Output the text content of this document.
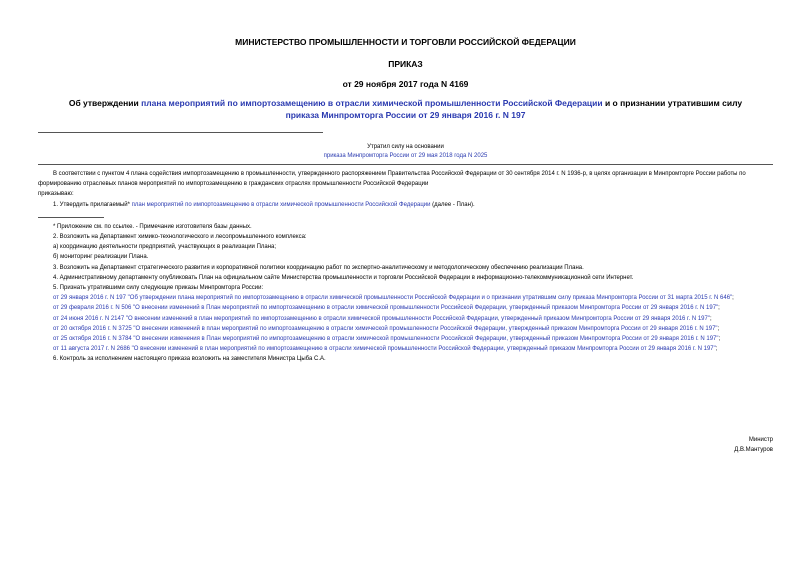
МИНИСТЕРСТВО ПРОМЫШЛЕННОСТИ И ТОРГОВЛИ РОССИЙСКОЙ ФЕДЕРАЦИИ
ПРИКАЗ
от 29 ноября 2017 года N 4169
Об утверждении плана мероприятий по импортозамещению в отрасли химической промышленности Российской Федерации и о признании утратившим силу
приказа Минпромторга России от 29 января 2016 г. N 197
Утратил силу на основании
приказа Минпромторга России от 29 мая 2018 года N 2025

В соответствии с пунктом 4 плана содействия импортозамещению в промышленности, утвержденного распоряжением Правительства Российской Федерации от 30 сентября 2014 г. N 1936-р, в целях организации в Минпромторге России работы по формированию отраслевых планов мероприятий по импортозамещению в гражданских отраслях промышленности Российской Федерации

приказываю:

1. Утвердить прилагаемый* план мероприятий по импортозамещению в отрасли химической промышленности Российской Федерации (далее - План).

* Приложение см. по ссылке. - Примечание изготовителя базы данных.

2. Возложить на Департамент химико-технологического и лесопромышленного комплекса:

а) координацию деятельности предприятий, участвующих в реализации Плана;

б) мониторинг реализации Плана.

3. Возложить на Департамент стратегического развития и корпоративной политики координацию работ по экспертно-аналитическому и методологическому обеспечению реализации Плана.

4. Административному департаменту опубликовать План на официальном сайте Министерства промышленности и торговли Российской Федерации в информационно-телекоммуникационной сети Интернет.

5. Признать утратившими силу следующие приказы Минпромторга России:

от 29 января 2016 г. N 197 "Об утверждении плана мероприятий по импортозамещению в отрасли химической промышленности Российской Федерации и о признании утратившим силу приказа Минпромторга России от 31 марта 2015 г. N 646";

от 29 февраля 2016 г. N 506 "О внесении изменений в План мероприятий по импортозамещению в отрасли химической промышленности Российской Федерации, утвержденный приказом Минпромторга России от 29 января 2016 г. N 197";

от 24 июня 2016 г. N 2147 "О внесении изменений в план мероприятий по импортозамещению в отрасли химической промышленности Российской Федерации, утвержденный приказом Минпромторга России от 29 января 2016 г. N 197";

от 20 октября 2016 г. N 3725 "О внесении изменений в план мероприятий по импортозамещению в отрасли химической промышленности Российской Федерации, утвержденный приказом Минпромторга России от 29 января 2016 г. N 197";

от 25 октября 2016 г. N 3784 "О внесении изменения в План мероприятий по импортозамещению в отрасли химической промышленности Российской Федерации, утвержденный приказом Минпромторга России от 29 января 2016 г. N 197";

от 11 августа 2017 г. N 2686 "О внесении изменений в план мероприятий по импортозамещению в отрасли химической промышленности Российской Федерации, утвержденный приказом Минпромторга России от 29 января 2016 г. N 197";

6. Контроль за исполнением настоящего приказа возложить на заместителя Министра Цыба С.А.

Министр
Д.В.Мантуров
